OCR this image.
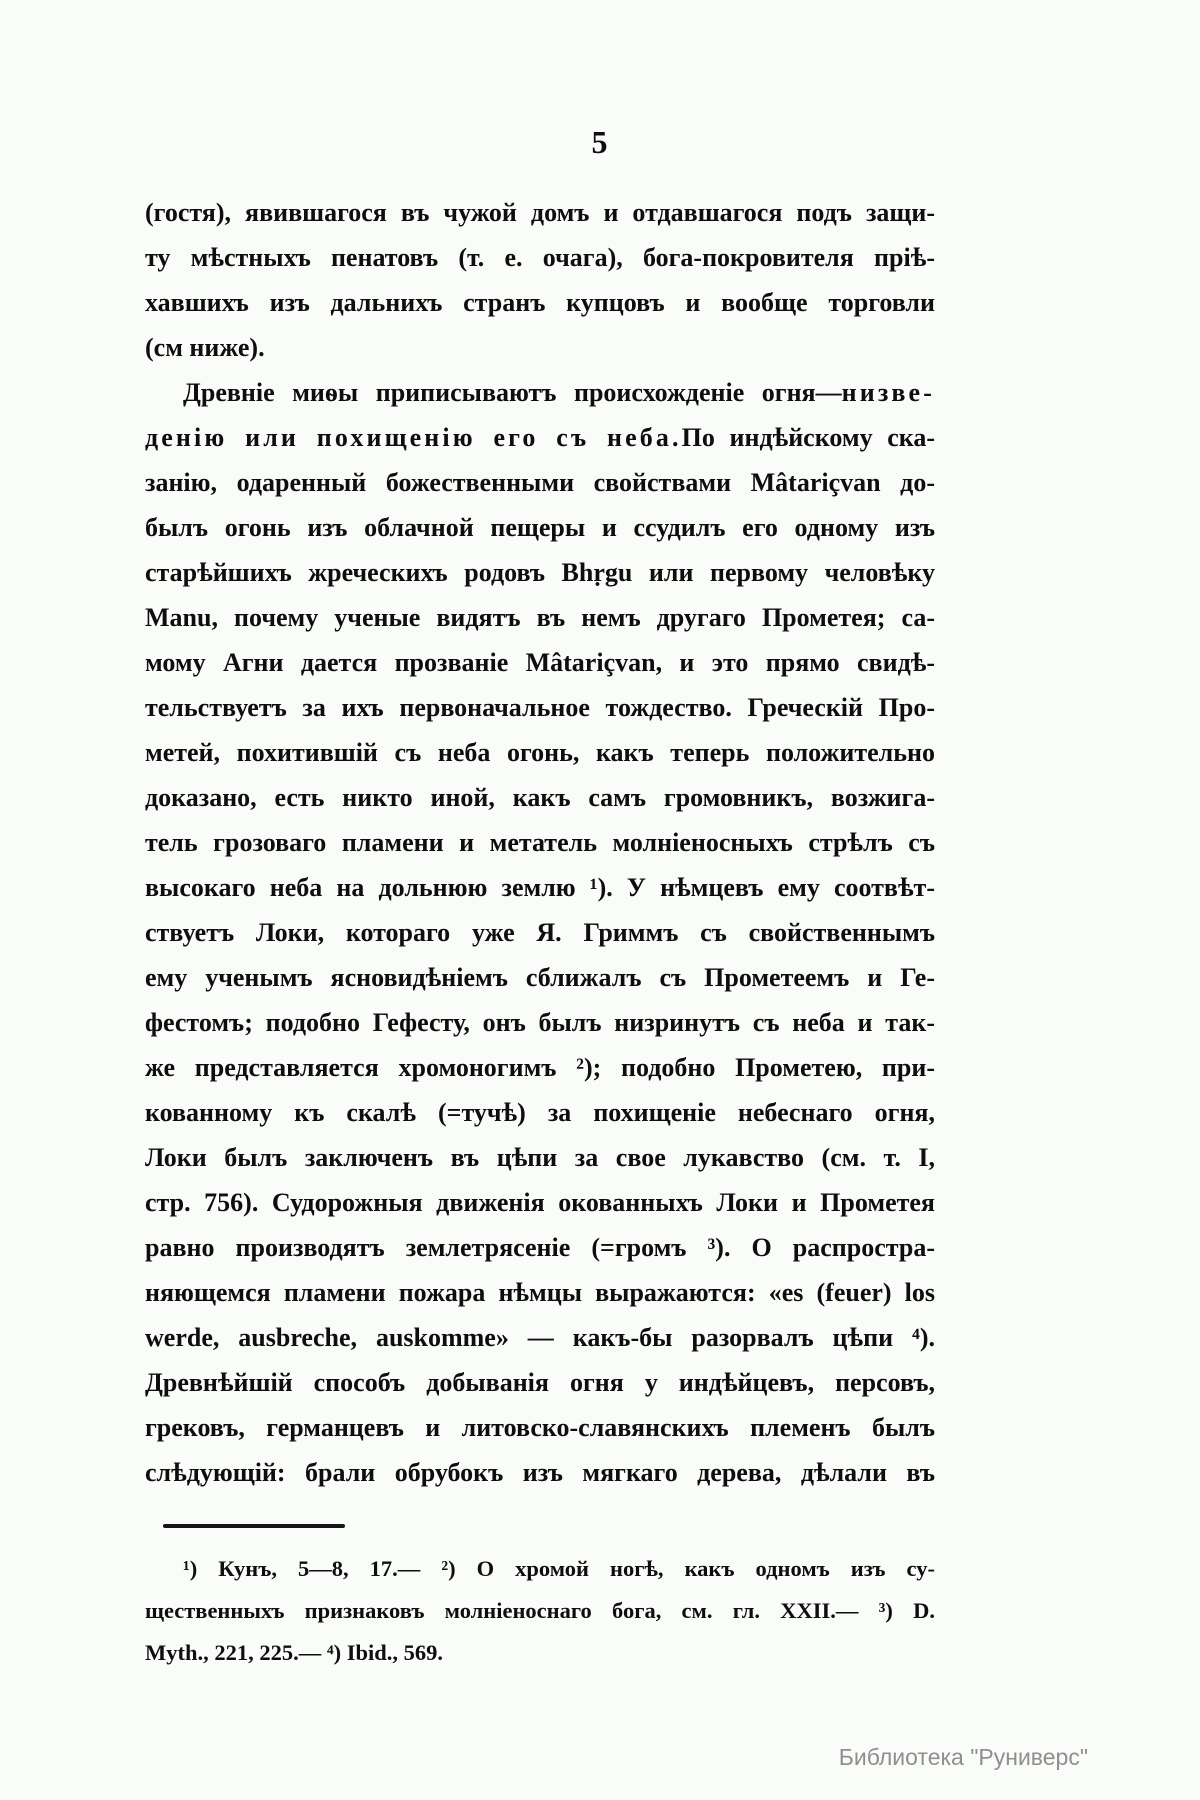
5
(гостя), явившагося въ чужой домъ и отдавшагося подъ защи-
ту мѣстныхъ пенатовъ (т. е. очага), бога-покровителя пріѣ-
хавшихъ изъ дальнихъ странъ купцовъ и вообще торговли
(см ниже).
Древніе миѳы приписываютъ происхожденіе огня—низве-
денію или похищенію его съ неба.По индѣйскому ска-
занію, одаренный божественными свойствами Mâtariçvan до-
былъ огонь изъ облачной пещеры и ссудилъ его одному изъ
старѣйшихъ жреческихъ родовъ Bhṛgu или первому человѣку
Manu, почему ученые видятъ въ немъ другаго Прометея; са-
мому Агни дается прозваніе Mâtariçvan, и это прямо свидѣ-
тельствуетъ за ихъ первоначальное тождество. Греческій Про-
метей, похитившій съ неба огонь, какъ теперь положительно
доказано, есть никто иной, какъ самъ громовникъ, возжига-
тель грозоваго пламени и метатель молніеносныхъ стрѣлъ съ
высокаго неба на дольнюю землю ¹). У нѣмцевъ ему соотвѣт-
ствуетъ Локи, котораго уже Я. Гриммъ съ свойственнымъ
ему ученымъ ясновидѣніемъ сближалъ съ Прометеемъ и Ге-
фестомъ; подобно Гефесту, онъ былъ низринутъ съ неба и так-
же представляется хромоногимъ ²); подобно Прометею, при-
кованному къ скалѣ (=тучѣ) за похищеніе небеснаго огня,
Локи былъ заключенъ въ цѣпи за свое лукавство (см. т. I,
стр. 756). Судорожныя движенія окованныхъ Локи и Прометея
равно производятъ землетрясеніе (=громъ ³). О распростра-
няющемся пламени пожара нѣмцы выражаются: «es (feuer) los
werde, ausbreche, auskomme» — какъ-бы разорвалъ цѣпи ⁴).
Древнѣйшій способъ добыванія огня у индѣйцевъ, персовъ,
грековъ, германцевъ и литовско-славянскихъ племенъ былъ
слѣдующій: брали обрубокъ изъ мягкаго дерева, дѣлали въ
¹) Кунъ, 5—8, 17.— ²) О хромой ногѣ, какъ одномъ изъ су-
щественныхъ признаковъ молніеноснаго бога, см. гл. XXII.— ³) D.
Myth., 221, 225.— ⁴) Ibid., 569.
Библиотека "Руниверс"
